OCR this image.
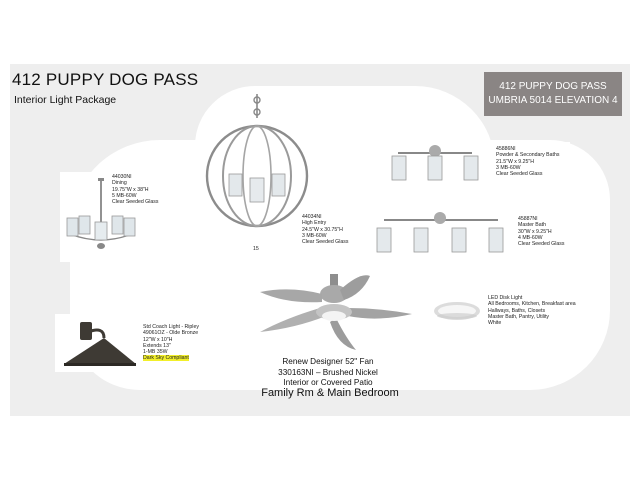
412 PUPPY DOG PASS
Interior Light Package
412 PUPPY DOG PASS
UMBRIA 5014 ELEVATION 4
44030NI
Dining
19.75"W x 38"H
5 MB-60W
Clear Seeded Glass
15
44034NI
High Entry
24.5"W x 30.75"H
3 MB-60W
Clear Seeded Glass
45886NI
Powder & Secondary Baths
21.5"W x 9.25"H
3 MB-60W
Clear Seeded Glass
45887NI
Master Bath
30"W x 9.25"H
4 MB-60W
Clear Seeded Glass
Std Coach Light - Ripley
49061OZ - Olde Bronze
12"W x 10"H
Extends 13"
1-MB 35W
Dark Sky Compliant	Renew Designer 52" Fan
330163NI – Brushed Nickel
Interior or Covered Patio
Family Rm & Main Bedroom
LED Disk Light
All Bedrooms, Kitchen, Breakfast area
Hallways, Baths, Closets
Master Bath, Pantry, Utility
White
